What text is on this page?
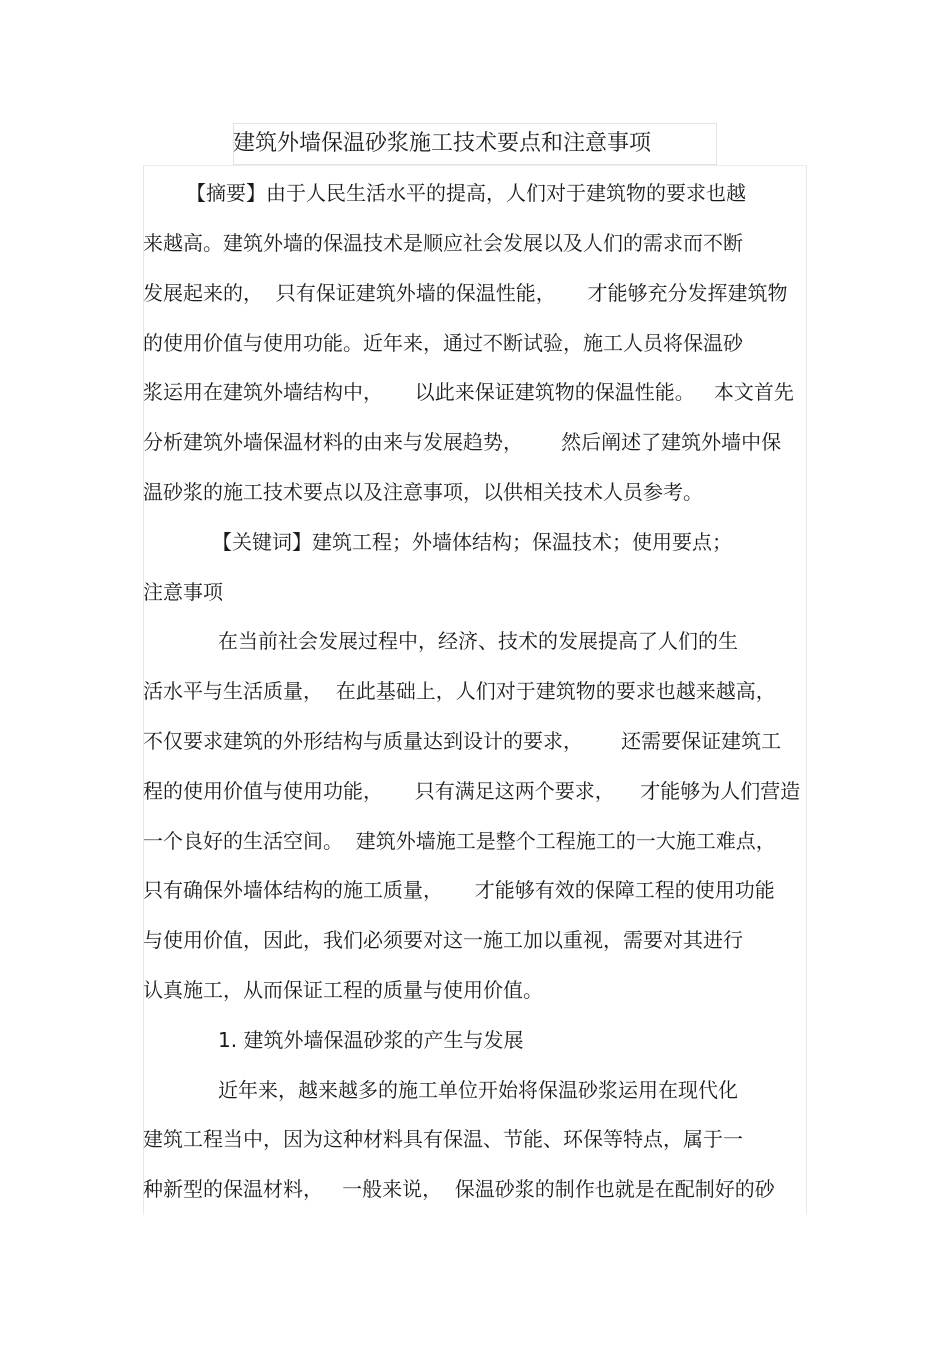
建筑外墙保温砂浆施工技术要点和注意事项
【摘要】由于人民生活水平的提高，人们对于建筑物的要求也越
来越高。建筑外墙的保温技术是顺应社会发展以及人们的需求而不断
发展起来的，  只有保证建筑外墙的保温性能，     才能够充分发挥建筑物
的使用价值与使用功能。近年来，通过不断试验，施工人员将保温砂
浆运用在建筑外墙结构中，     以此来保证建筑物的保温性能。   本文首先
分析建筑外墙保温材料的由来与发展趋势，      然后阐述了建筑外墙中保
温砂浆的施工技术要点以及注意事项，以供相关技术人员参考。
【关键词】建筑工程；外墙体结构；保温技术；使用要点；
注意事项
在当前社会发展过程中，经济、技术的发展提高了人们的生
活水平与生活质量，  在此基础上，人们对于建筑物的要求也越来越高，
不仅要求建筑的外形结构与质量达到设计的要求，      还需要保证建筑工
程的使用价值与使用功能，     只有满足这两个要求，    才能够为人们营造
一个良好的生活空间。  建筑外墙施工是整个工程施工的一大施工难点，
只有确保外墙体结构的施工质量，     才能够有效的保障工程的使用功能
与使用价值，因此，我们必须要对这一施工加以重视，需要对其进行
认真施工，从而保证工程的质量与使用价值。
1. 建筑外墙保温砂浆的产生与发展
近年来，越来越多的施工单位开始将保温砂浆运用在现代化
建筑工程当中，因为这种材料具有保温、节能、环保等特点，属于一
种新型的保温材料，   一般来说，  保温砂浆的制作也就是在配制好的砂
